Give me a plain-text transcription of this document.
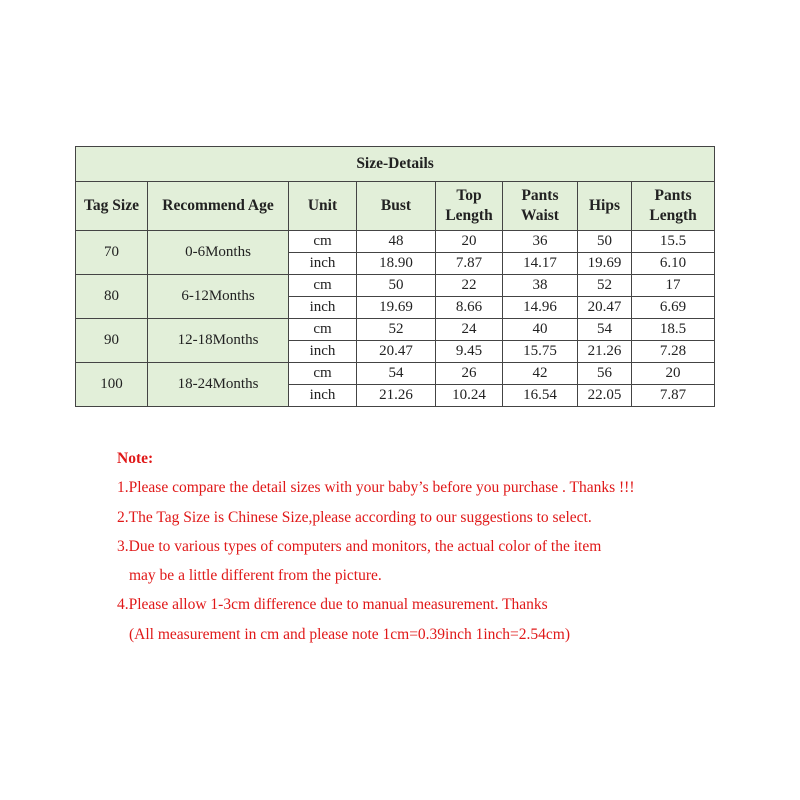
Size-Details							
Tag Size	Recommend Age	Unit	Bust	Top Length	Pants Waist	Hips	Pants Length
70	0-6Months	cm	48	20	36	50	15.5
		inch	18.90	7.87	14.17	19.69	6.10
80	6-12Months	cm	50	22	38	52	17
		inch	19.69	8.66	14.96	20.47	6.69
90	12-18Months	cm	52	24	40	54	18.5
		inch	20.47	9.45	15.75	21.26	7.28
100	18-24Months	cm	54	26	42	56	20
		inch	21.26	10.24	16.54	22.05	7.87
Note:
1.Please compare the detail sizes with your baby’s before you purchase . Thanks !!!
2.The Tag Size is Chinese Size,please according to our suggestions to select.
3.Due to various types of computers and monitors, the actual color of the item
may be a little different from the picture.
4.Please allow 1-3cm difference due to manual measurement. Thanks
(All measurement in cm and please note 1cm=0.39inch 1inch=2.54cm)
